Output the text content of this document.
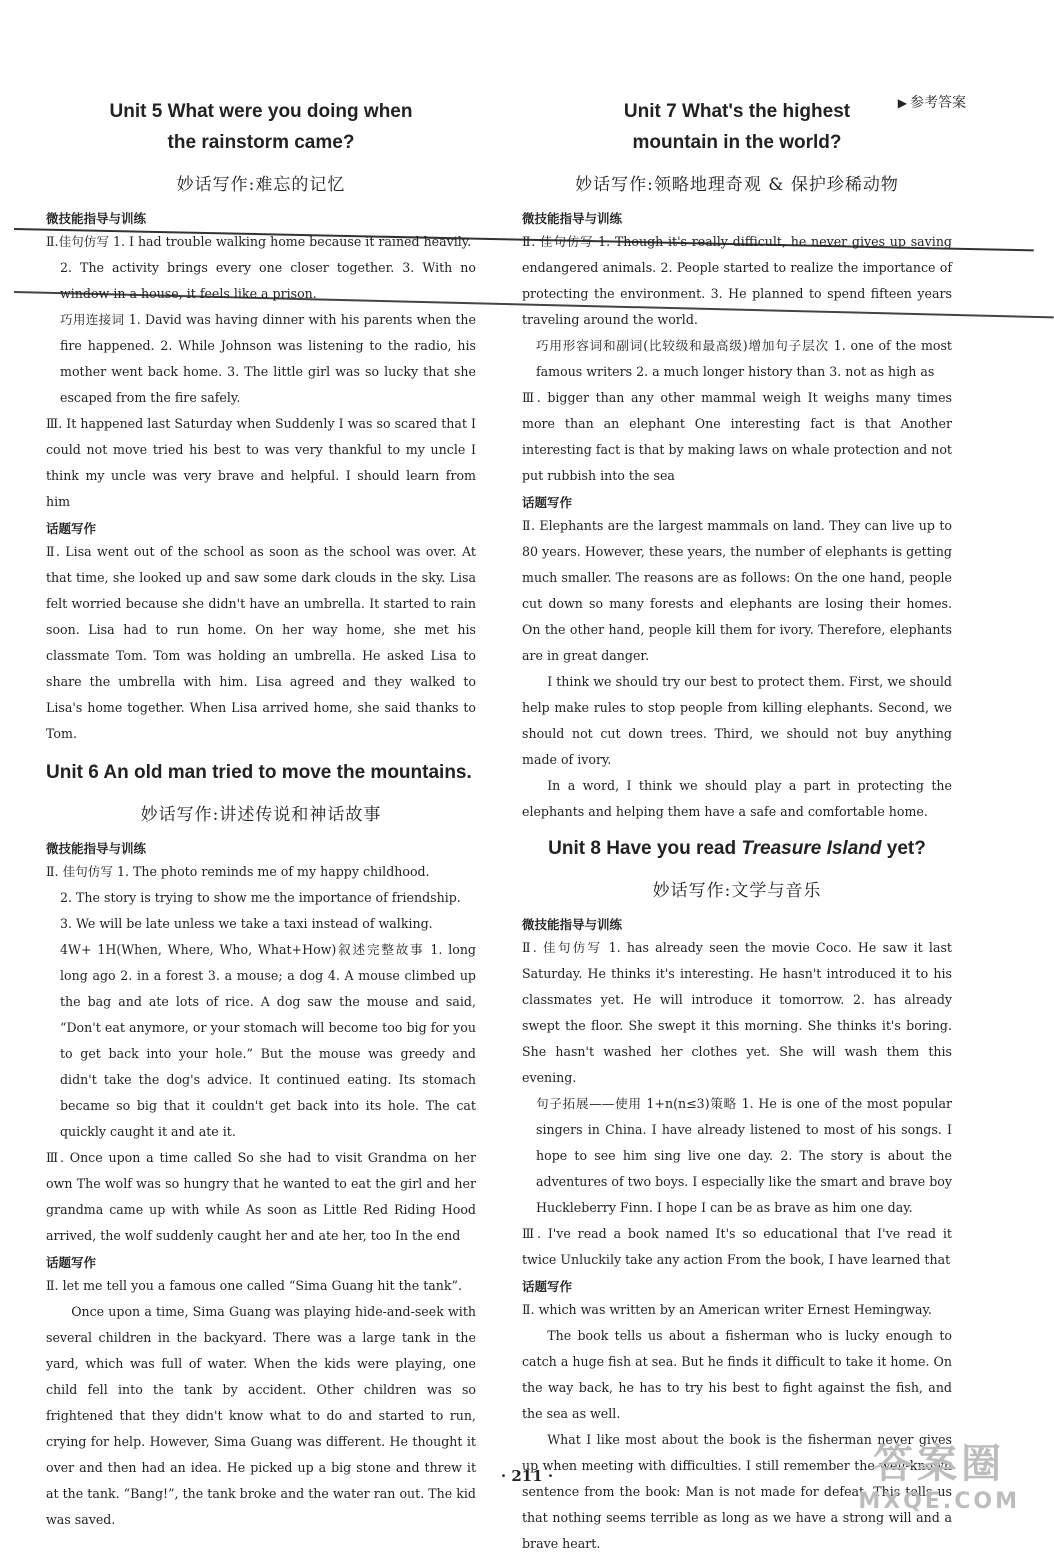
▶ 参考答案
Unit 5 What were you doing when
the rainstorm came?
妙话写作:难忘的记忆
微技能指导与训练

Ⅱ.佳句仿写 1. I had trouble walking home because it rained heavily.

2. The activity brings every one closer together. 3. With no window in a house, it feels like a prison.

巧用连接词 1. David was having dinner with his parents when the fire happened. 2. While Johnson was listening to the radio, his mother went back home. 3. The little girl was so lucky that she escaped from the fire safely.

Ⅲ. It happened last Saturday when Suddenly I was so scared that I could not move tried his best to was very thankful to my uncle I think my uncle was very brave and helpful. I should learn from him

话题写作

Ⅱ. Lisa went out of the school as soon as the school was over. At that time, she looked up and saw some dark clouds in the sky. Lisa felt worried because she didn't have an umbrella. It started to rain soon. Lisa had to run home. On her way home, she met his classmate Tom. Tom was holding an umbrella. He asked Lisa to share the umbrella with him. Lisa agreed and they walked to Lisa's home together. When Lisa arrived home, she said thanks to Tom.

Unit 6 An old man tried to move the mountains.
妙话写作:讲述传说和神话故事
微技能指导与训练

Ⅱ. 佳句仿写 1. The photo reminds me of my happy childhood.

2. The story is trying to show me the importance of friendship.

3. We will be late unless we take a taxi instead of walking.

4W+ 1H(When, Where, Who, What+How)叙述完整故事 1. long long ago 2. in a forest 3. a mouse; a dog 4. A mouse climbed up the bag and ate lots of rice. A dog saw the mouse and said, “Don't eat anymore, or your stomach will become too big for you to get back into your hole.” But the mouse was greedy and didn't take the dog's advice. It continued eating. Its stomach became so big that it couldn't get back into its hole. The cat quickly caught it and ate it.

Ⅲ. Once upon a time called So she had to visit Grandma on her own The wolf was so hungry that he wanted to eat the girl and her grandma came up with while As soon as Little Red Riding Hood arrived, the wolf suddenly caught her and ate her, too In the end

话题写作

Ⅱ. let me tell you a famous one called “Sima Guang hit the tank”.

Once upon a time, Sima Guang was playing hide-and-seek with several children in the backyard. There was a large tank in the yard, which was full of water. When the kids were playing, one child fell into the tank by accident. Other children was so frightened that they didn't know what to do and started to run, crying for help. However, Sima Guang was different. He thought it over and then had an idea. He picked up a big stone and threw it at the tank. “Bang!”, the tank broke and the water ran out. The kid was saved.

Unit 7 What's the highest
mountain in the world?
妙话写作:领略地理奇观 & 保护珍稀动物
微技能指导与训练

Ⅱ. 佳句仿写 1. Though it's really difficult, he never gives up saving endangered animals. 2. People started to realize the importance of protecting the environment. 3. He planned to spend fifteen years traveling around the world.

巧用形容词和副词(比较级和最高级)增加句子层次 1. one of the most famous writers 2. a much longer history than 3. not as high as

Ⅲ. bigger than any other mammal weigh It weighs many times more than an elephant One interesting fact is that Another interesting fact is that by making laws on whale protection and not put rubbish into the sea

话题写作

Ⅱ. Elephants are the largest mammals on land. They can live up to 80 years. However, these years, the number of elephants is getting much smaller. The reasons are as follows: On the one hand, people cut down so many forests and elephants are losing their homes. On the other hand, people kill them for ivory. Therefore, elephants are in great danger.

I think we should try our best to protect them. First, we should help make rules to stop people from killing elephants. Second, we should not cut down trees. Third, we should not buy anything made of ivory.

In a word, I think we should play a part in protecting the elephants and helping them have a safe and comfortable home.

Unit 8 Have you read Treasure Island yet?
妙话写作:文学与音乐
微技能指导与训练

Ⅱ. 佳句仿写 1. has already seen the movie Coco. He saw it last Saturday. He thinks it's interesting. He hasn't introduced it to his classmates yet. He will introduce it tomorrow. 2. has already swept the floor. She swept it this morning. She thinks it's boring. She hasn't washed her clothes yet. She will wash them this evening.

句子拓展——使用 1+n(n≤3)策略 1. He is one of the most popular singers in China. I have already listened to most of his songs. I hope to see him sing live one day. 2. The story is about the adventures of two boys. I especially like the smart and brave boy Huckleberry Finn. I hope I can be as brave as him one day.

Ⅲ. I've read a book named It's so educational that I've read it twice Unluckily take any action From the book, I have learned that

话题写作

Ⅱ. which was written by an American writer Ernest Hemingway.

The book tells us about a fisherman who is lucky enough to catch a huge fish at sea. But he finds it difficult to take it home. On the way back, he has to try his best to fight against the fish, and the sea as well.

What I like most about the book is the fisherman never gives up when meeting with difficulties. I still remember the well-known sentence from the book: Man is not made for defeat. This tells us that nothing seems terrible as long as we have a strong will and a brave heart.

· 211 ·	答案圈
MXQE.COM
